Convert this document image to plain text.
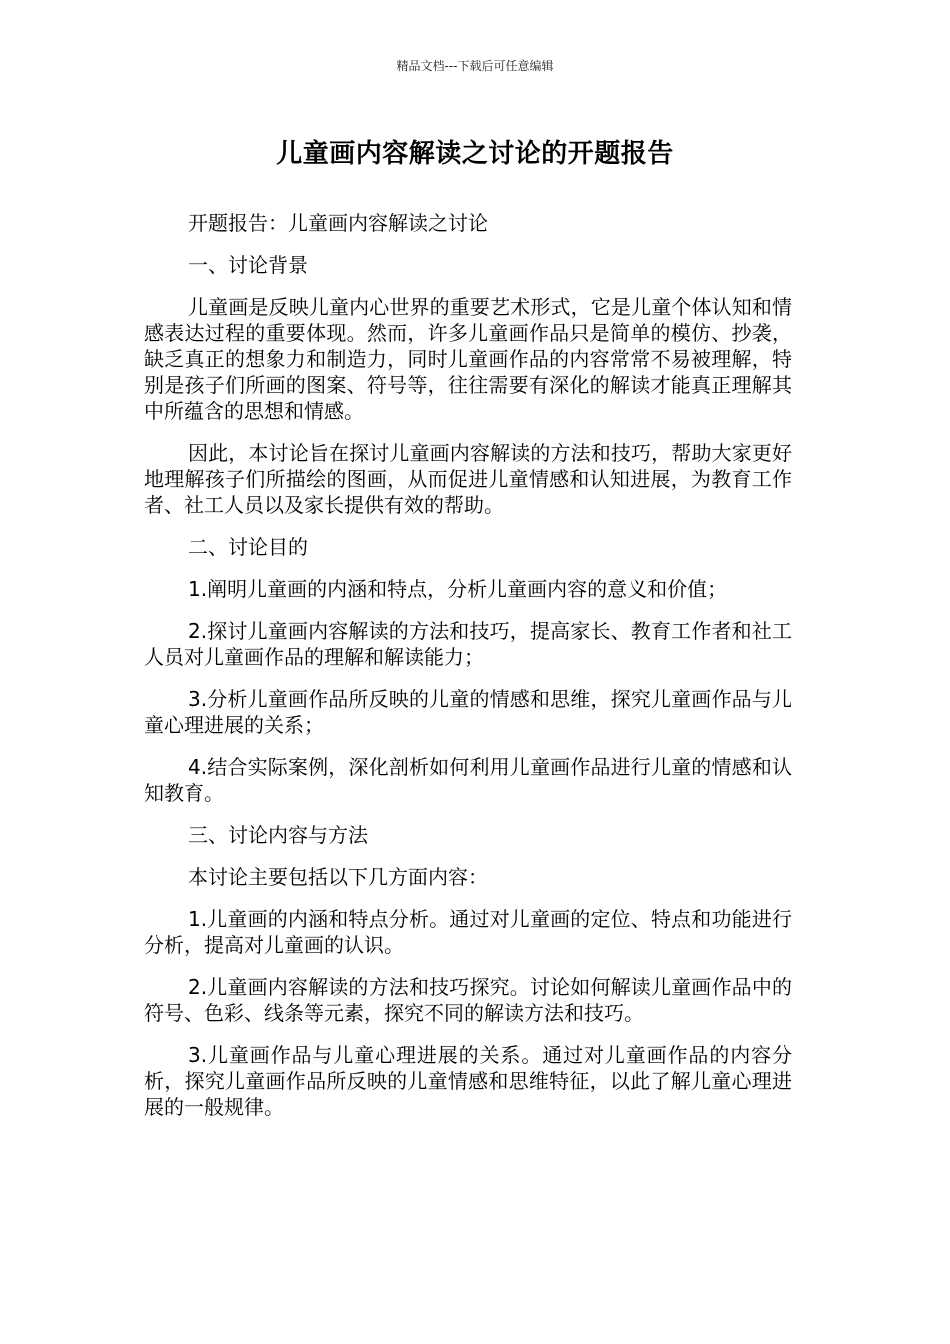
精品文档---下载后可任意编辑
儿童画内容解读之讨论的开题报告

开题报告：儿童画内容解读之讨论

一、讨论背景

儿童画是反映儿童内心世界的重要艺术形式，它是儿童个体认知和情感表达过程的重要体现。然而，许多儿童画作品只是简单的模仿、抄袭，缺乏真正的想象力和制造力，同时儿童画作品的内容常常不易被理解，特别是孩子们所画的图案、符号等，往往需要有深化的解读才能真正理解其中所蕴含的思想和情感。

因此，本讨论旨在探讨儿童画内容解读的方法和技巧，帮助大家更好地理解孩子们所描绘的图画，从而促进儿童情感和认知进展，为教育工作者、社工人员以及家长提供有效的帮助。

二、讨论目的

1.阐明儿童画的内涵和特点，分析儿童画内容的意义和价值；

2.探讨儿童画内容解读的方法和技巧，提高家长、教育工作者和社工人员对儿童画作品的理解和解读能力；

3.分析儿童画作品所反映的儿童的情感和思维，探究儿童画作品与儿童心理进展的关系；

4.结合实际案例，深化剖析如何利用儿童画作品进行儿童的情感和认知教育。

三、讨论内容与方法

本讨论主要包括以下几方面内容：

1.儿童画的内涵和特点分析。通过对儿童画的定位、特点和功能进行分析，提高对儿童画的认识。

2.儿童画内容解读的方法和技巧探究。讨论如何解读儿童画作品中的符号、色彩、线条等元素，探究不同的解读方法和技巧。

3.儿童画作品与儿童心理进展的关系。通过对儿童画作品的内容分析，探究儿童画作品所反映的儿童情感和思维特征，以此了解儿童心理进展的一般规律。
